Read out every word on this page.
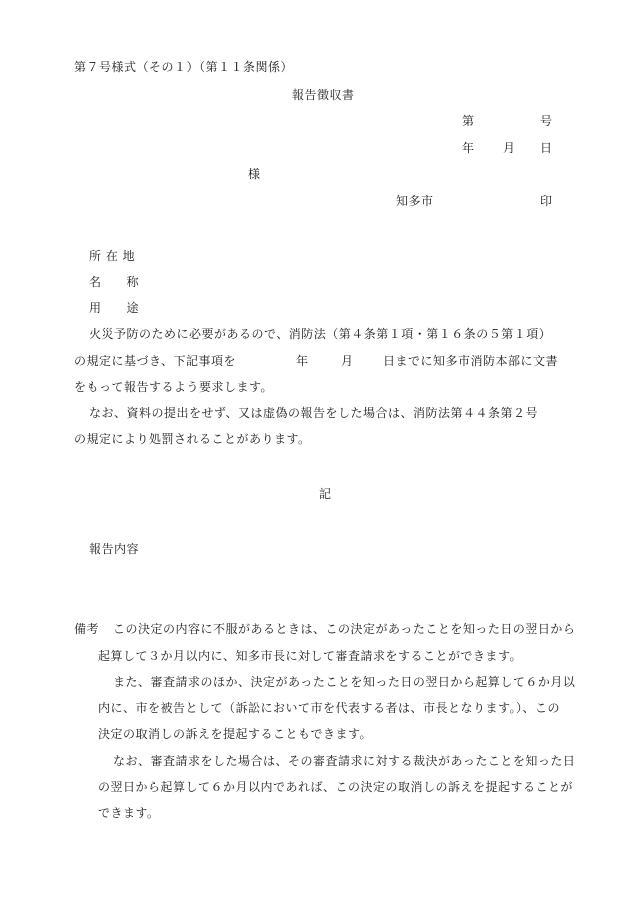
第７号様式（その１）（第１１条関係）
報告徴収書
第	号
年 月 日
様
知多市	印
所 在 地
名　　称
用　　途
火災予防のために必要があるので、消防法（第４条第１項・第１６条の５第１項）
の規定に基づき、下記事項を	年	月 日までに知多市消防本部に文書
をもって報告するよう要求します。
なお、資料の提出をせず、又は虚偽の報告をした場合は、消防法第４４条第２号
の規定により処罰されることがあります。
記
報告内容
備考 この決定の内容に不服があるときは、この決定があったことを知った日の翌日から
起算して３か月以内に、知多市長に対して審査請求をすることができます。
また、審査請求のほか、決定があったことを知った日の翌日から起算して６か月以
内に、市を被告として（訴訟において市を代表する者は、市長となります。）、この
決定の取消しの訴えを提起することもできます。
なお、審査請求をした場合は、その審査請求に対する裁決があったことを知った日
の翌日から起算して６か月以内であれば、この決定の取消しの訴えを提起することが
できます。
